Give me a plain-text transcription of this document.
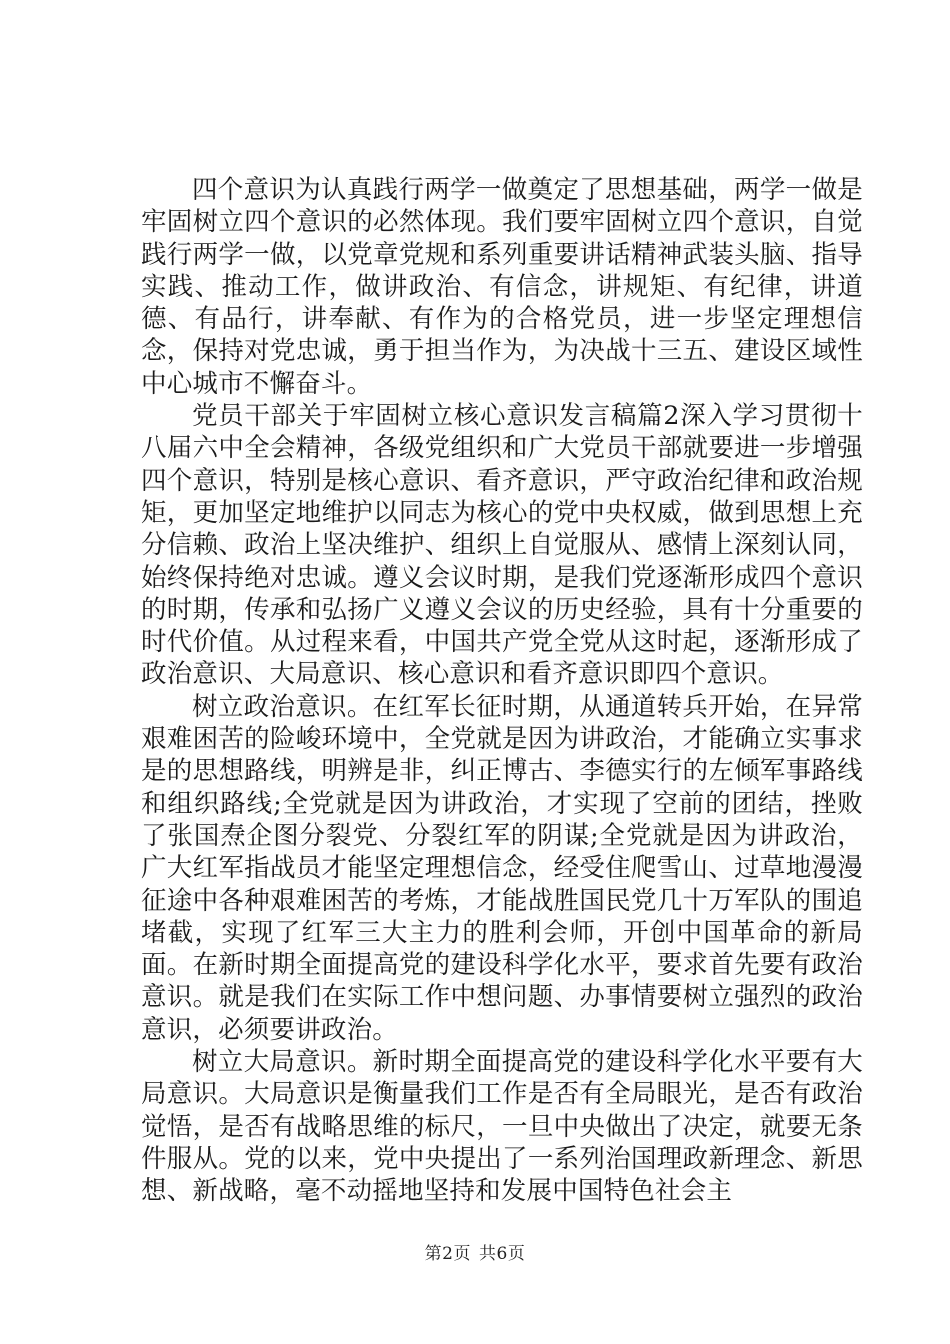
四个意识为认真践行两学一做奠定了思想基础，两学一做是牢固树立四个意识的必然体现。我们要牢固树立四个意识，自觉践行两学一做，以党章党规和系列重要讲话精神武装头脑、指导实践、推动工作，做讲政治、有信念，讲规矩、有纪律，讲道德、有品行，讲奉献、有作为的合格党员，进一步坚定理想信念，保持对党忠诚，勇于担当作为，为决战十三五、建设区域性中心城市不懈奋斗。

党员干部关于牢固树立核心意识发言稿篇2深入学习贯彻十八届六中全会精神，各级党组织和广大党员干部就要进一步增强四个意识，特别是核心意识、看齐意识，严守政治纪律和政治规矩，更加坚定地维护以同志为核心的党中央权威，做到思想上充分信赖、政治上坚决维护、组织上自觉服从、感情上深刻认同，始终保持绝对忠诚。遵义会议时期，是我们党逐渐形成四个意识的时期，传承和弘扬广义遵义会议的历史经验，具有十分重要的时代价值。从过程来看，中国共产党全党从这时起，逐渐形成了政治意识、大局意识、核心意识和看齐意识即四个意识。

树立政治意识。在红军长征时期，从通道转兵开始，在异常艰难困苦的险峻环境中，全党就是因为讲政治，才能确立实事求是的思想路线，明辨是非，纠正博古、李德实行的左倾军事路线和组织路线;全党就是因为讲政治，才实现了空前的团结，挫败了张国焘企图分裂党、分裂红军的阴谋;全党就是因为讲政治，广大红军指战员才能坚定理想信念，经受住爬雪山、过草地漫漫征途中各种艰难困苦的考炼，才能战胜国民党几十万军队的围追堵截，实现了红军三大主力的胜利会师，开创中国革命的新局面。在新时期全面提高党的建设科学化水平，要求首先要有政治意识。就是我们在实际工作中想问题、办事情要树立强烈的政治意识，必须要讲政治。

树立大局意识。新时期全面提高党的建设科学化水平要有大局意识。大局意识是衡量我们工作是否有全局眼光，是否有政治觉悟，是否有战略思维的标尺，一旦中央做出了决定，就要无条件服从。党的以来，党中央提出了一系列治国理政新理念、新思想、新战略，毫不动摇地坚持和发展中国特色社会主

第2页 共6页
